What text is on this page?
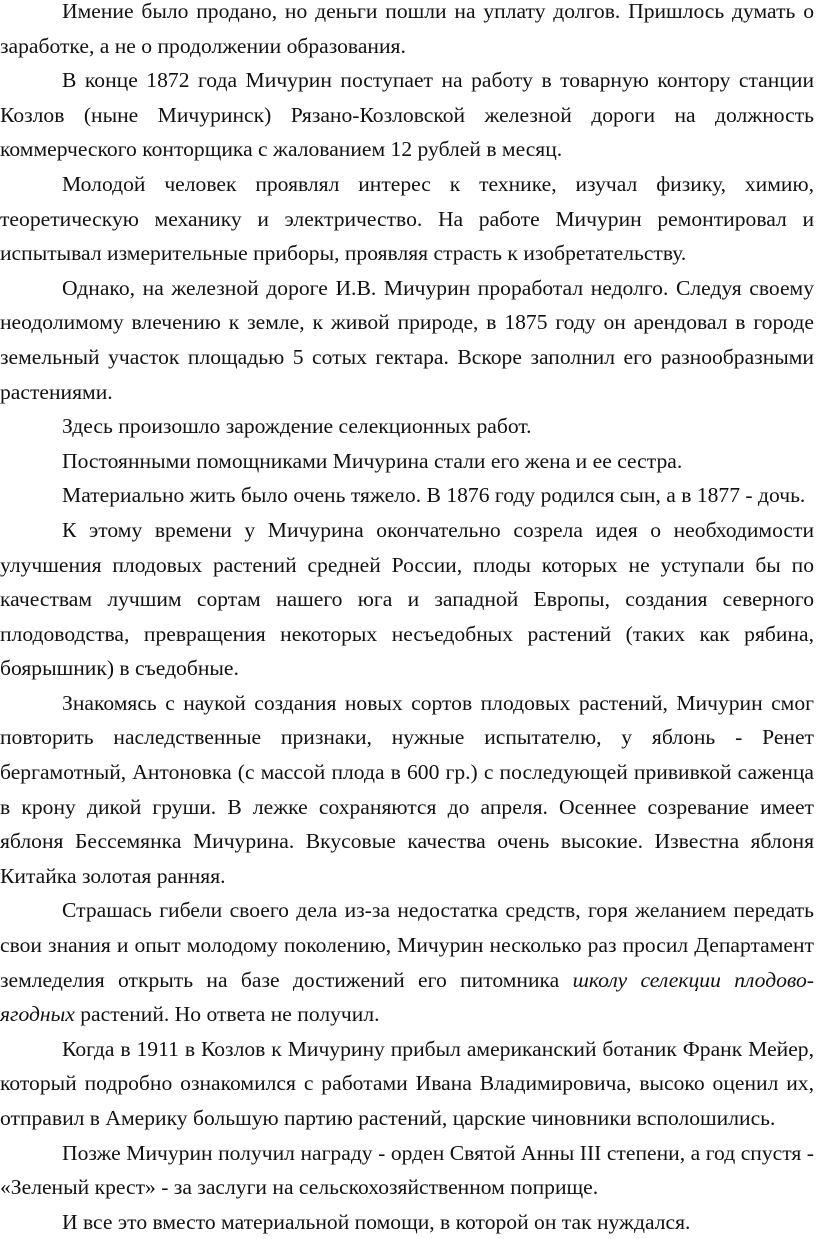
Имение было продано, но деньги пошли на уплату долгов. Пришлось думать о заработке, а не о продолжении образования.

В конце 1872 года Мичурин поступает на работу в товарную контору станции Козлов (ныне Мичуринск) Рязано-Козловской железной дороги на должность коммерческого конторщика с жалованием 12 рублей в месяц.

Молодой человек проявлял интерес к технике, изучал физику, химию, теоретическую механику и электричество. На работе Мичурин ремонтировал и испытывал измерительные приборы, проявляя страсть к изобретательству.

Однако, на железной дороге И.В. Мичурин проработал недолго. Следуя своему неодолимому влечению к земле, к живой природе, в 1875 году он арендовал в городе земельный участок площадью 5 сотых гектара. Вскоре заполнил его разнообразными растениями.

Здесь произошло зарождение селекционных работ.

Постоянными помощниками Мичурина стали его жена и ее сестра.

Материально жить было очень тяжело. В 1876 году родился сын, а в 1877 - дочь.

К этому времени у Мичурина окончательно созрела идея о необходимости улучшения плодовых растений средней России, плоды которых не уступали бы по качествам лучшим сортам нашего юга и западной Европы, создания северного плодоводства, превращения некоторых несъедобных растений (таких как рябина, боярышник) в съедобные.

Знакомясь с наукой создания новых сортов плодовых растений, Мичурин смог повторить наследственные признаки, нужные испытателю, у яблонь - Ренет бергамотный, Антоновка (с массой плода в 600 гр.) с последующей прививкой саженца в крону дикой груши. В лежке сохраняются до апреля. Осеннее созревание имеет яблоня Бессемянка Мичурина. Вкусовые качества очень высокие. Известна яблоня Китайка золотая ранняя.

Страшась гибели своего дела из-за недостатка средств, горя желанием передать свои знания и опыт молодому поколению, Мичурин несколько раз просил Департамент земледелия открыть на базе достижений его питомника школу селекции плодово-ягодных растений. Но ответа не получил.

Когда в 1911 в Козлов к Мичурину прибыл американский ботаник Франк Мейер, который подробно ознакомился с работами Ивана Владимировича, высоко оценил их, отправил в Америку большую партию растений, царские чиновники всполошились.

Позже Мичурин получил награду - орден Святой Анны III степени, а год спустя - «Зеленый крест» - за заслуги на сельскохозяйственном поприще.

И все это вместо материальной помощи, в которой он так нуждался.
